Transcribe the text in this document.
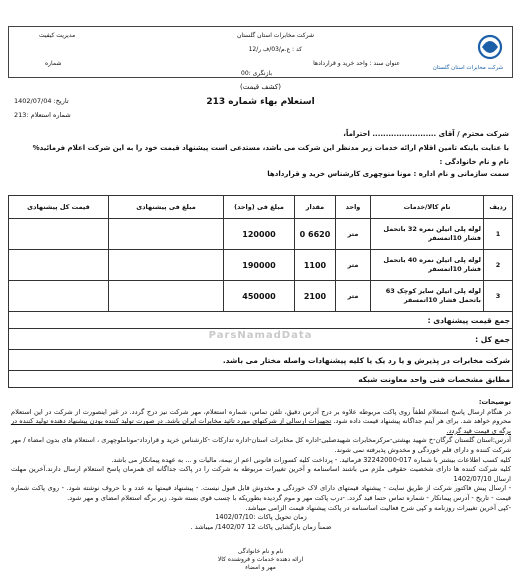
شرکت مخابرات استان گلستان
شرکت مخابرات استان گلستان
مدیریت کیفیت
کد : ع.م/03/ف ر/12
عنوان سند : واحد خرید و قراردادها
شماره
بازنگری :00
(کشف قیمت)
استعلام بهاء شماره 213
تاریخ: 1402/07/04
شماره استعلام :213
شرکت محترم / آقای ........................ احتراماً،
با عنایت باینکه تامین اقلام ارائه خدمات زیر مدنظر این شرکت می باشد، مستدعی است پیشنهاد قیمت خود را به این شرکت اعلام فرمائید%
نام و نام خانوادگی :
سمت سازمانی و نام اداره : مونا منوچهری کارشناس خرید و قراردادها
ردیف	نام کالا/خدمات	واحد	مقدار	مبلغ فی (واحد)	مبلغ فی پیشنهادی	قیمت کل پیشنهادی
1	لوله پلی اتیلن نمره 32 باتحمل فشار 10اتمسفر	متر	6620 0	120000		
2	لوله پلی اتیلن نمره 40 باتحمل فشار 10اتمسفر	متر	1100	190000		
3	لوله پلی اتیلن سایز کوچک 63 باتحمل فشار 10اتمسفر	متر	2100	450000		
جمع قیمت پیشنهادی :						
جمع کل :						
شرکت مخابرات در پذیرش و یا رد یک یا کلیه پیشنهادات واصله مختار می باشد.						
مطابق مشخصات فنی واحد معاونت شبکه						
ParsNamadData

توضیحات:

در هنگام ارسال پاسخ استعلام لطفاً روی پاکت مربوطه علاوه بر درج آدرس دقیق، تلفن تماس، شماره استعلام، مهر شرکت نیز درج گردد. در غیر اینصورت از شرکت در این استعلام محروم خواهد شد. برای هر آیتم جداگانه پیشنهاد قیمت داده شود. تجهیزات ارسالی از شرکتهای مورد تائید مخابرات ایران باشد. در صورت تولید کننده بودن پیشنهاد دهنده تولید کننده در برگه ی قیمت قید گردد.

آدرس:استان گلستان گرگان-خ شهید بهشتی-مرکزمخابرات شهیدصلبی-اداره کل مخابرات استان-اداره تدارکات -کارشناس خرید و قرارداد-موناملوچهری ، استعلام های بدون امضاء / مهر شرکت کننده و دارای قلم خوردگی و مخدوش پذیرفته نمی شوند.

کلیه کسب اطلاعات بیشتر با شماره 017-32242000 فرمائید. - پرداخت کلیه کسورات قانونی اعم از بیمه، مالیات و ... به عهده پیمانکار می باشد.

کلیه شرکت کننده ها دارای شخصیت حقوقی ملزم می باشند اساسنامه و آخرین تغییرات مربوطه به شرکت را در پاکت جداگانه ای همزمان پاسخ استعلام ارسال دارند.آخرین مهلت ارسال 1402/07/10

- ارسال پیش فاکتور شرکت از طریق سایت - پیشنهاد قیمتهای دارای لاک خوردگی و مخدوش قابل قبول نیست. - پیشنهاد قیمتها به عدد و با حروف نوشته شود. - روی پاکت شماره قیمت - تاریخ - آدرس پیمانکار - شماره تماس حتما قید گردد. -درب پاکت مهر و موم گردیده بطوریکه با چسب قوی بسته شود. زیر برگه استعلام امضای و مهر شود.

-کپی آخرین تغییرات روزنامه و کپی شرح فعالیت اساسنامه در پاکت پیشنهاد قیمت الزامی میباشد.

زمان تحویل پاکات :1402/07/10

ضمناً زمان بازگشایی پاکات 12 1402/07/ میباشد .

نام و نام خانوادگی
ارائه دهنده خدمات و فروشنده کالا
مهر و امضاء
